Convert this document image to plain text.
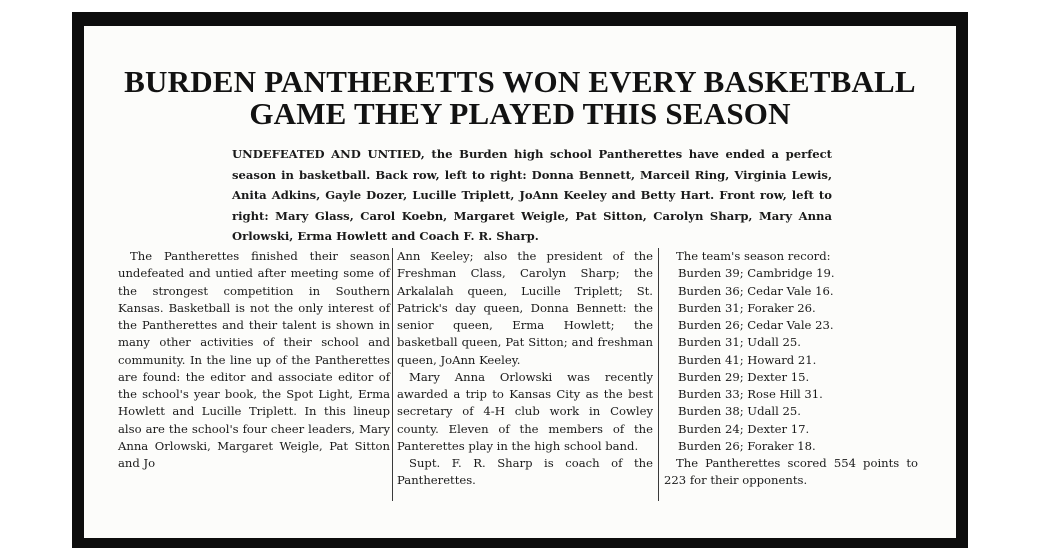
BURDEN PANTHERETTS WON EVERY BASKETBALL
GAME THEY PLAYED THIS SEASON

UNDEFEATED AND UNTIED, the Burden high school Pantherettes have ended a perfect season in basketball. Back row, left to right: Donna Bennett, Marceil Ring, Virginia Lewis, Anita Adkins, Gayle Dozer, Lucille Triplett, JoAnn Keeley and Betty Hart. Front row, left to right: Mary Glass, Carol Koebn, Margaret Weigle, Pat Sitton, Carolyn Sharp, Mary Anna Orlowski, Erma Howlett and Coach F. R. Sharp.

The Pantherettes finished their season undefeated and untied after meeting some of the strongest competition in Southern Kansas. Basketball is not the only interest of the Pantherettes and their talent is shown in many other activities of their school and community. In the line up of the Pantherettes are found: the editor and associate editor of the school's year book, the Spot Light, Erma Howlett and Lucille Triplett. In this lineup also are the school's four cheer leaders, Mary Anna Orlowski, Margaret Weigle, Pat Sitton and Jo

Ann Keeley; also the president of the Freshman Class, Carolyn Sharp; the Arkalalah queen, Lucille Triplett; St. Patrick's day queen, Donna Bennett: the senior queen, Erma Howlett; the basketball queen, Pat Sitton; and freshman queen, JoAnn Keeley.

Mary Anna Orlowski was recently awarded a trip to Kansas City as the best secretary of 4-H club work in Cowley county. Eleven of the members of the Panterettes play in the high school band.

Supt. F. R. Sharp is coach of the Pantherettes.

The team's season record:

Burden 39; Cambridge 19.
Burden 36; Cedar Vale 16.
Burden 31; Foraker 26.
Burden 26; Cedar Vale 23.
Burden 31; Udall 25.
Burden 41; Howard 21.
Burden 29; Dexter 15.
Burden 33; Rose Hill 31.
Burden 38; Udall 25.
Burden 24; Dexter 17.
Burden 26; Foraker 18.

The Pantherettes scored 554 points to 223 for their opponents.
